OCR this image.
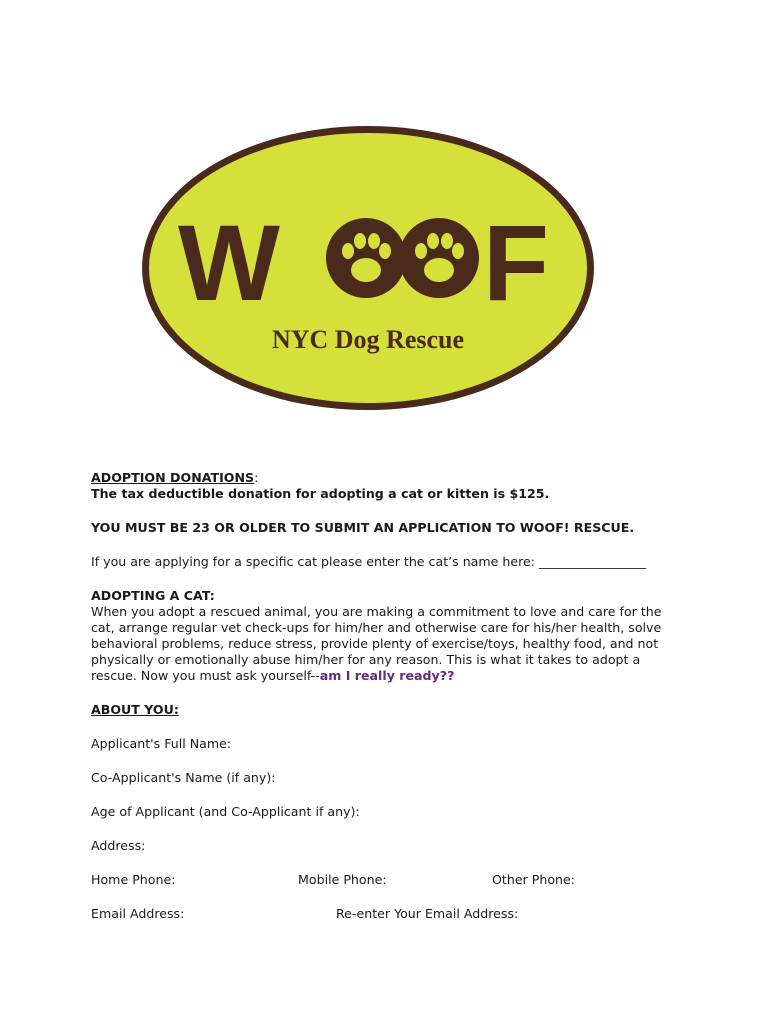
W F
NYC Dog Rescue
ADOPTION DONATIONS:
The tax deductible donation for adopting a cat or kitten is $125.
YOU MUST BE 23 OR OLDER TO SUBMIT AN APPLICATION TO WOOF! RESCUE.
If you are applying for a specific cat please enter the cat’s name here: _________________
ADOPTING A CAT:
When you adopt a rescued animal, you are making a commitment to love and care for the
cat, arrange regular vet check-ups for him/her and otherwise care for his/her health, solve
behavioral problems, reduce stress, provide plenty of exercise/toys, healthy food, and not
physically or emotionally abuse him/her for any reason. This is what it takes to adopt a
rescue. Now you must ask yourself--am I really ready??
ABOUT YOU:
Applicant's Full Name:
Co-Applicant's Name (if any):
Age of Applicant (and Co-Applicant if any):
Address:
Home Phone:	Mobile Phone:	Other Phone:
Email Address:	Re-enter Your Email Address:
